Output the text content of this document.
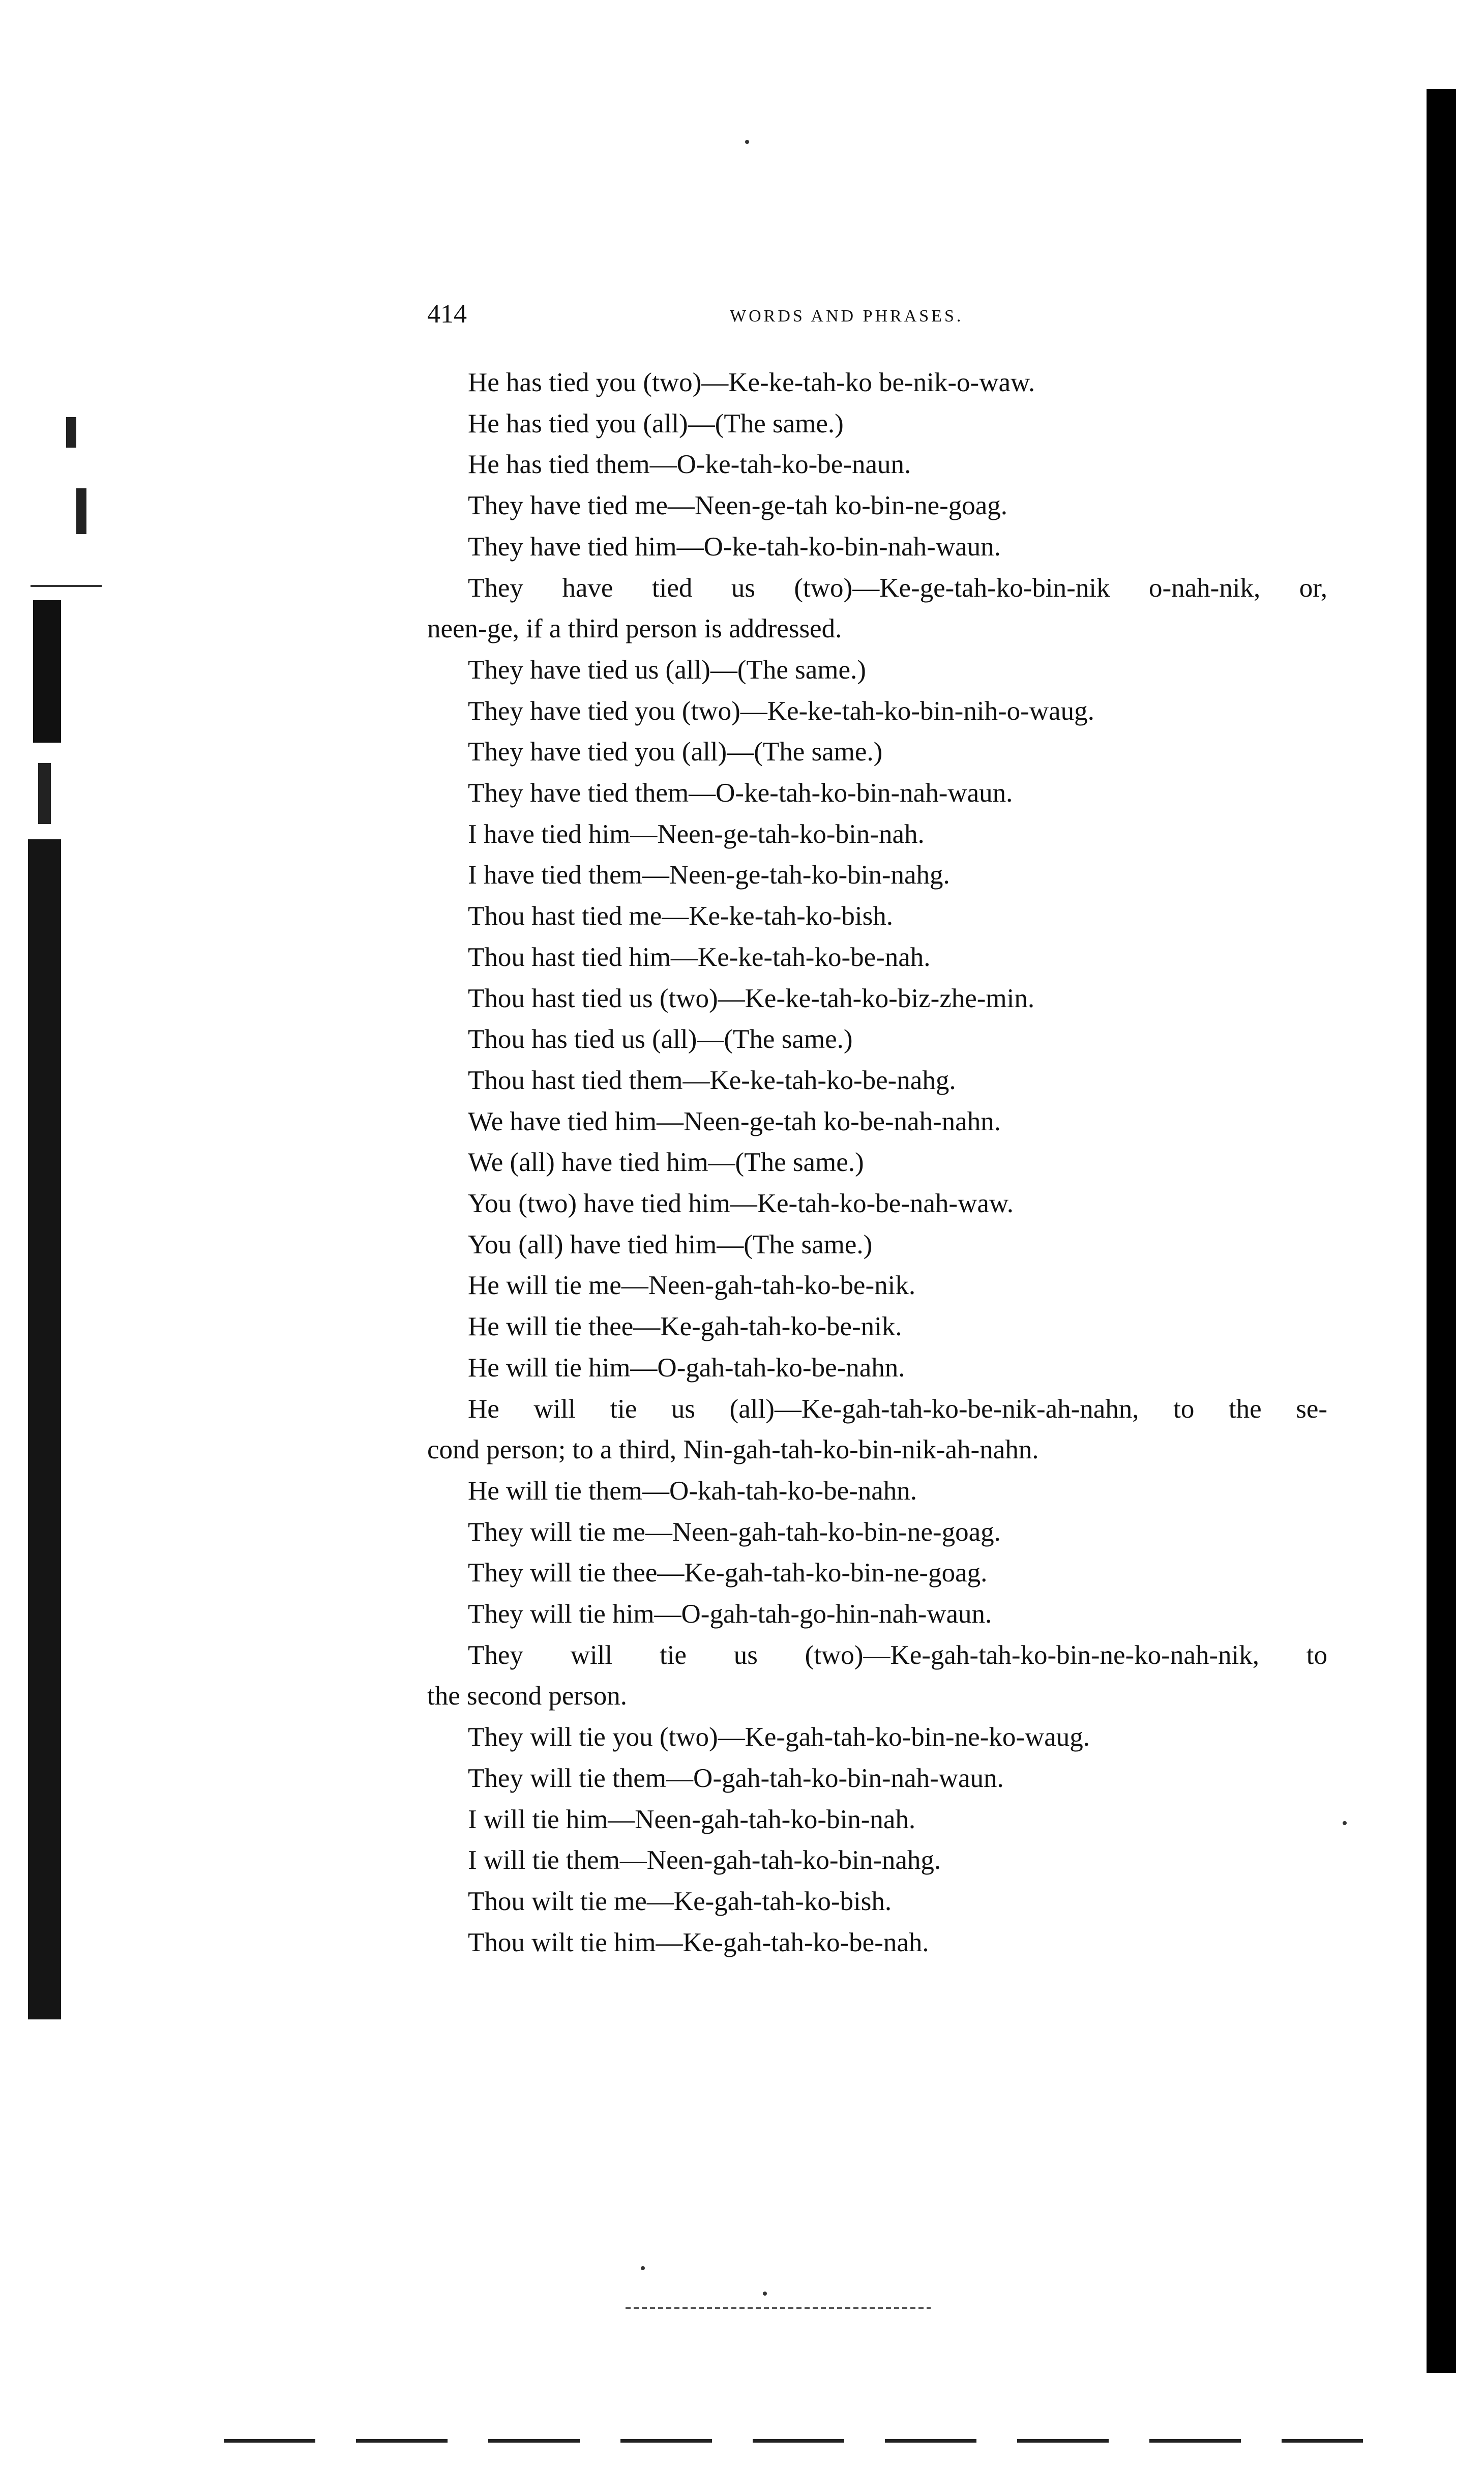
414	WORDS AND PHRASES.
He has tied you (two)—Ke-ke-tah-ko be-nik-o-waw.
He has tied you (all)—(The same.)
He has tied them—O-ke-tah-ko-be-naun.
They have tied me—Neen-ge-tah ko-bin-ne-goag.
They have tied him—O-ke-tah-ko-bin-nah-waun.
They have tied us (two)—Ke-ge-tah-ko-bin-nik o-nah-nik, or,
neen-ge, if a third person is addressed.
They have tied us (all)—(The same.)
They have tied you (two)—Ke-ke-tah-ko-bin-nih-o-waug.
They have tied you (all)—(The same.)
They have tied them—O-ke-tah-ko-bin-nah-waun.
I have tied him—Neen-ge-tah-ko-bin-nah.
I have tied them—Neen-ge-tah-ko-bin-nahg.
Thou hast tied me—Ke-ke-tah-ko-bish.
Thou hast tied him—Ke-ke-tah-ko-be-nah.
Thou hast tied us (two)—Ke-ke-tah-ko-biz-zhe-min.
Thou has tied us (all)—(The same.)
Thou hast tied them—Ke-ke-tah-ko-be-nahg.
We have tied him—Neen-ge-tah ko-be-nah-nahn.
We (all) have tied him—(The same.)
You (two) have tied him—Ke-tah-ko-be-nah-waw.
You (all) have tied him—(The same.)
He will tie me—Neen-gah-tah-ko-be-nik.
He will tie thee—Ke-gah-tah-ko-be-nik.
He will tie him—O-gah-tah-ko-be-nahn.
He will tie us (all)—Ke-gah-tah-ko-be-nik-ah-nahn, to the se-
cond person; to a third, Nin-gah-tah-ko-bin-nik-ah-nahn.
He will tie them—O-kah-tah-ko-be-nahn.
They will tie me—Neen-gah-tah-ko-bin-ne-goag.
They will tie thee—Ke-gah-tah-ko-bin-ne-goag.
They will tie him—O-gah-tah-go-hin-nah-waun.
They will tie us (two)—Ke-gah-tah-ko-bin-ne-ko-nah-nik, to
the second person.
They will tie you (two)—Ke-gah-tah-ko-bin-ne-ko-waug.
They will tie them—O-gah-tah-ko-bin-nah-waun.
I will tie him—Neen-gah-tah-ko-bin-nah.
I will tie them—Neen-gah-tah-ko-bin-nahg.
Thou wilt tie me—Ke-gah-tah-ko-bish.
Thou wilt tie him—Ke-gah-tah-ko-be-nah.
